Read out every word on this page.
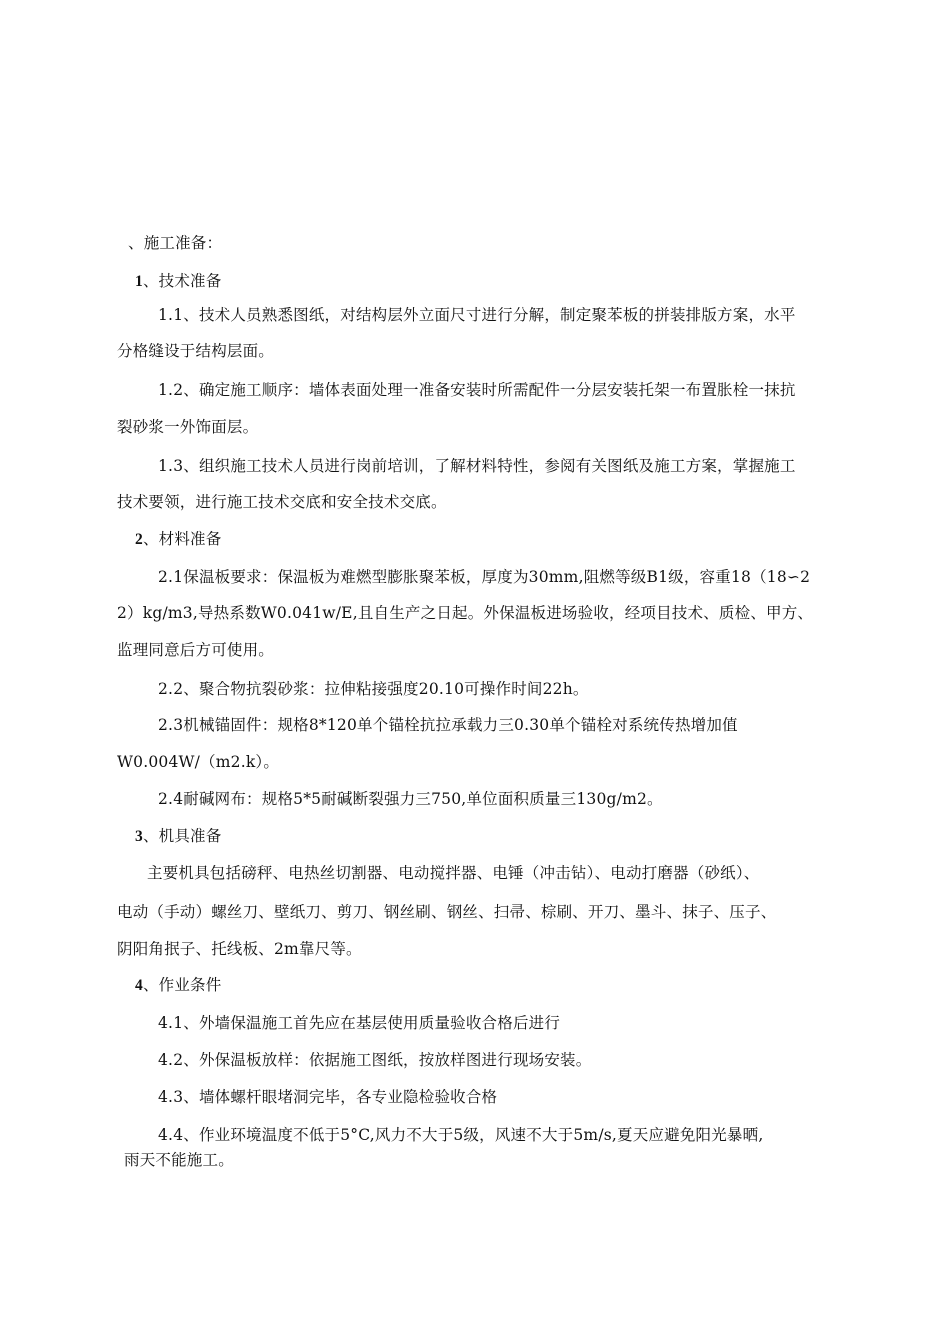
、施工准备：
1、技术准备
1.1、技术人员熟悉图纸，对结构层外立面尺寸进行分解，制定聚苯板的拼装排版方案，水平
分格缝设于结构层面。
1.2、确定施工顺序：墙体表面处理一准备安装时所需配件一分层安装托架一布置胀栓一抹抗
裂砂浆一外饰面层。
1.3、组织施工技术人员进行岗前培训，了解材料特性，参阅有关图纸及施工方案，掌握施工
技术要领，进行施工技术交底和安全技术交底。
2、材料准备
2.1保温板要求：保温板为难燃型膨胀聚苯板，厚度为30mm,阻燃等级B1级，容重18（18∽2
2）kg/m3,导热系数W0.041w/E,且自生产之日起。外保温板进场验收，经项目技术、质检、甲方、
监理同意后方可使用。
2.2、聚合物抗裂砂浆：拉伸粘接强度20.10可操作时间22h。
2.3机械锚固件：规格8*120单个锚栓抗拉承载力三0.30单个锚栓对系统传热增加值
W0.004W/（m2.k）。
2.4耐碱网布：规格5*5耐碱断裂强力三750,单位面积质量三130g/m2。
3、机具准备
主要机具包括磅秤、电热丝切割器、电动搅拌器、电锤（冲击钻）、电动打磨器（砂纸）、
电动（手动）螺丝刀、壁纸刀、剪刀、钢丝刷、钢丝、扫帚、棕刷、开刀、墨斗、抹子、压子、
阴阳角抿子、托线板、2m靠尺等。
4、作业条件
4.1、外墙保温施工首先应在基层使用质量验收合格后进行
4.2、外保温板放样：依据施工图纸，按放样图进行现场安装。
4.3、墙体螺杆眼堵洞完毕，各专业隐检验收合格
4.4、作业环境温度不低于5°C,风力不大于5级，风速不大于5m/s,夏天应避免阳光暴晒,
雨天不能施工。
